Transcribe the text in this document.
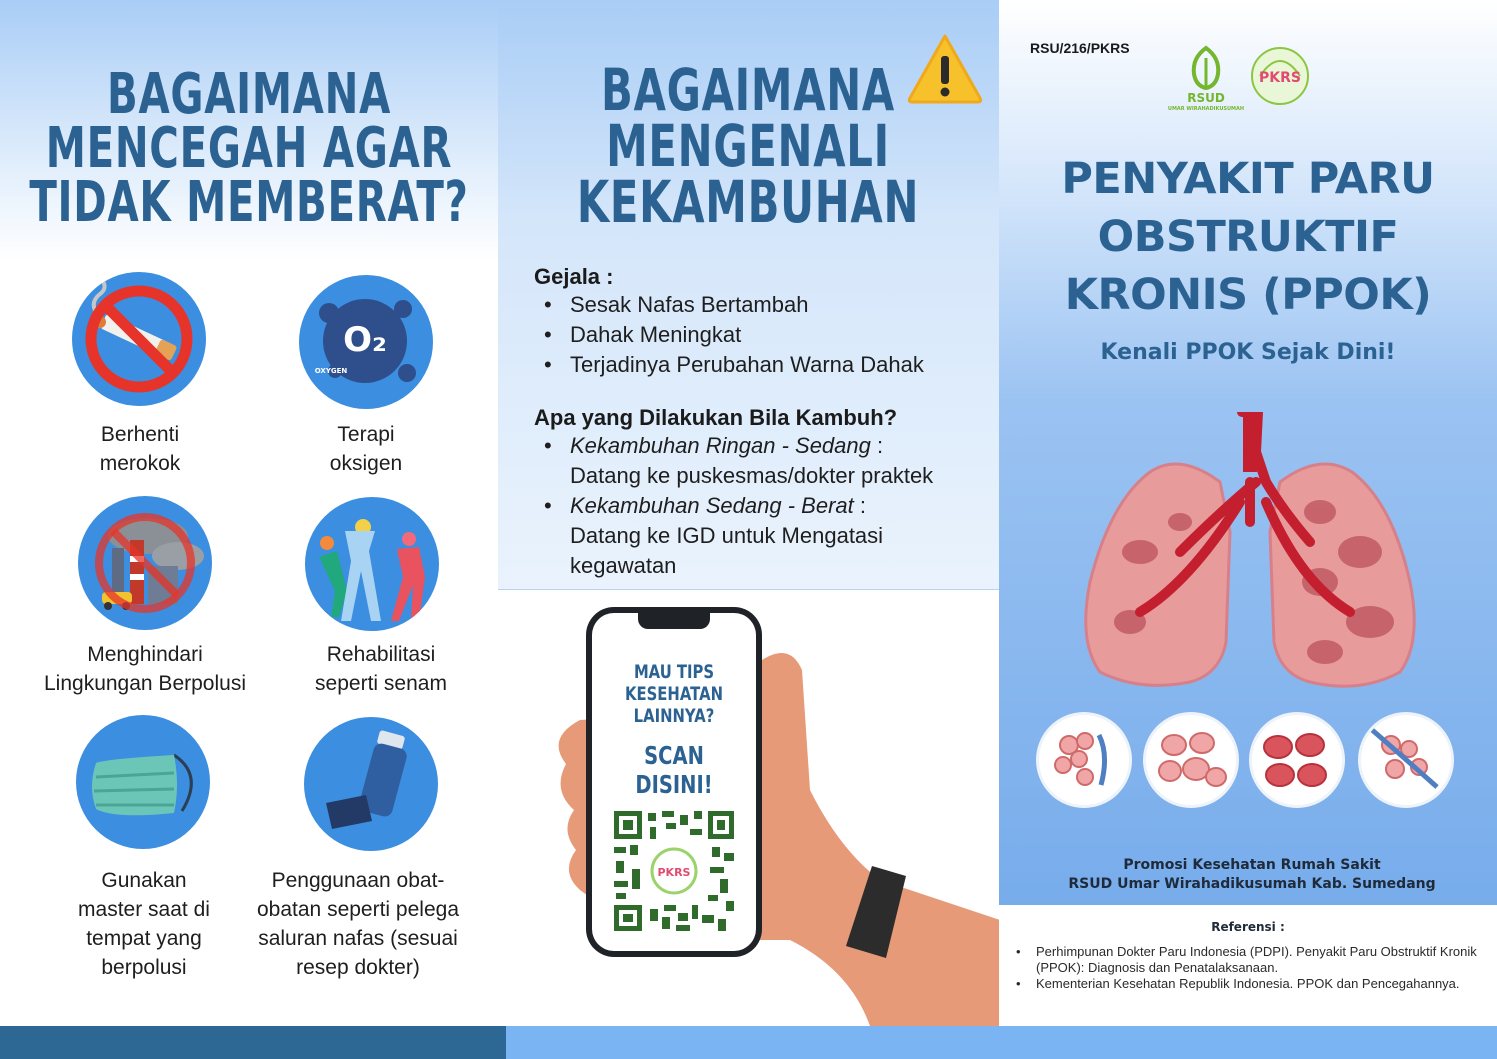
BAGAIMANA
MENCEGAH AGAR
TIDAK MEMBERAT?
Berhenti
merokok
O₂
OXYGEN
Terapi
oksigen
Menghindari
Lingkungan Berpolusi
Rehabilitasi
seperti senam
Gunakan
master saat di
tempat yang
berpolusi
Penggunaan obat-
obatan seperti pelega
saluran nafas (sesuai
resep dokter)
BAGAIMANA
MENGENALI
KEKAMBUHAN
Gejala :
• Sesak Nafas Bertambah
• Dahak Meningkat
• Terjadinya Perubahan Warna Dahak
Apa yang Dilakukan Bila Kambuh?
• Kekambuhan Ringan - Sedang :
Datang ke puskesmas/dokter praktek
• Kekambuhan Sedang - Berat :
Datang ke IGD untuk Mengatasi kegawatan
MAU TIPS
KESEHATAN
LAINNYA?
SCAN DISINI!
PKRS
RSU/216/PKRS
RSUD
UMAR WIRAHADIKUSUMAH
PKRS
PENYAKIT PARU
OBSTRUKTIF
KRONIS (PPOK)
Kenali PPOK Sejak Dini!
Promosi Kesehatan Rumah Sakit
RSUD Umar Wirahadikusumah Kab. Sumedang
Referensi :
• Perhimpunan Dokter Paru Indonesia (PDPI). Penyakit Paru Obstruktif Kronik (PPOK): Diagnosis dan Penatalaksanaan.
• Kementerian Kesehatan Republik Indonesia. PPOK dan Pencegahannya.
